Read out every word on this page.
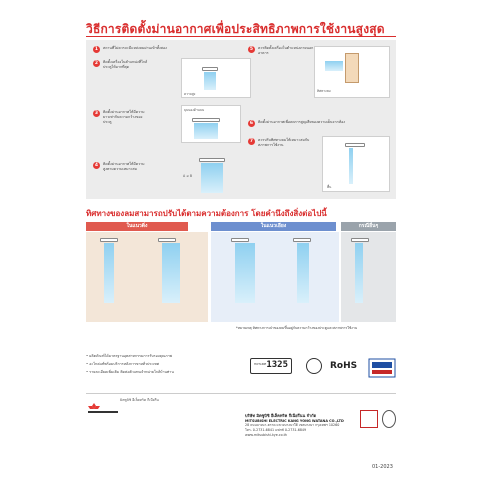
วิธีการติดตั้งม่านอากาศเพื่อประสิทธิภาพการใช้งานสูงสุด
1	สถานที่ไม่ควรจะมีแหล่งลมผ่านเข้าทั้งสอง
2	ติดตั้งเครื่องในตำแหน่งที่ใกล้ประตูให้มากที่สุด
ความสูง
3	ติดตั้งม่านอากาศให้มีความยาวเท่ากับความกว้างของประตู
มุมมองด้านบน
4	ติดตั้งม่านอากาศให้มีความสูงตามความเหมาะสม
A ≥ B
5	ควรติดตั้งเครื่องในตำแหน่งภายนอกอาคาร
ทิศทางลม
6	ติดตั้งม่านอากาศเพื่อลดการสูญเสียของความเย็นจากห้อง
7	ควรปรับทิศทางลมให้เหมาะสมกับสภาพการใช้งาน
พื้น
ทิศทางของลมสามารถปรับได้ตามความต้องการ โดยคำนึงถึงสิ่งต่อไปนี้
ในแนวดิ่ง	ในแนวเอียง	กรณีอื่นๆ
*หมายเหตุ ทิศทางการเป่าของลมขึ้นอยู่กับความกว้างของประตูและสภาพการใช้งาน
• ผลิตภัณฑ์ได้มาตรฐานอุตสาหกรรมการรับรองคุณภาพ
• อะไหล่แท้พร้อมบริการหลังการขายทั่วประเทศ
• รายละเอียดเพิ่มเติม ติดต่อตัวแทนจำหน่ายใกล้บ้านท่าน
HOTLINE 1325	RoHS
มิตซูบิชิ อีเล็คทริค กีเนียรีน
บริษัท มิตซูบิชิ อีเล็คทริค กีเนียรีนน จำกัด
MITSUBISHI ELECTRIC KANG YONG WATANA CO.,LTD
28 ถนนบางนา-ตราด แขวงบางนาใต้ เขตบางนา กรุงเทพฯ 10260
โทร. 0-2731-6841 แฟกซ์ 0-2731-6849
www.mitsubishi-kye.co.th
01-2023
